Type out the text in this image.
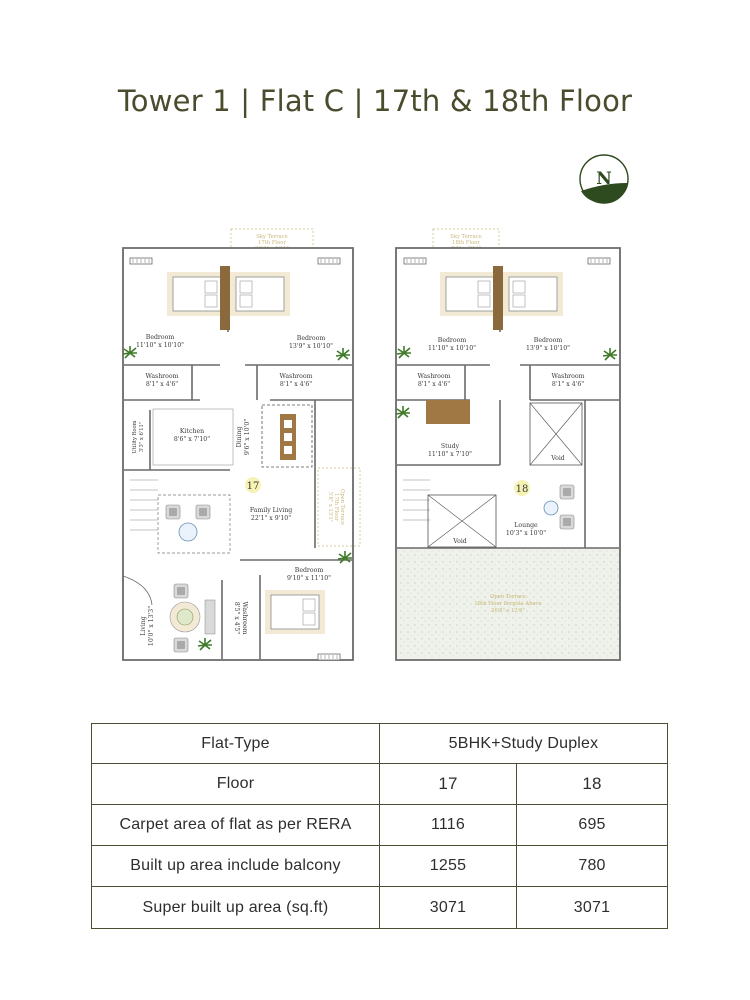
Tower 1 | Flat C | 17th & 18th Floor
N
Sky Terrace
17th Floor
Bedroom
11'10" x 10'10"
Bedroom
13'9" x 10'10"
Washroom
8'1" x 4'6"
Washroom
8'1" x 4'6"
Utility Room 3'3" x 6'11"	Kitchen
8'6" x 7'10"	Dining 9'6" x 10'0"
17
Family Living
22'1" x 9'10"	Open Terrace
17th Floor
5'8" x 13'1"
Bedroom
9'10" x 11'10"
Washroom
8'5" x 4'5"
Living 10'0" x 13'3"
Sky Terrace
18th Floor
Void
Void
Bedroom
11'10" x 10'10"
Bedroom
13'9" x 10'10"
Washroom
8'1" x 4'6"
Washroom
8'1" x 4'6"
Study
11'10" x 7'10"
18
Lounge
10'3" x 10'0"
Open Terrace
18th Floor Pergola Above
26'8" x 12'6"
Flat-Type	5BHK+Study Duplex	
Floor	17	18
Carpet area of flat as per RERA	1116	695
Built up area include balcony	1255	780
Super built up area (sq.ft)	3071	3071
